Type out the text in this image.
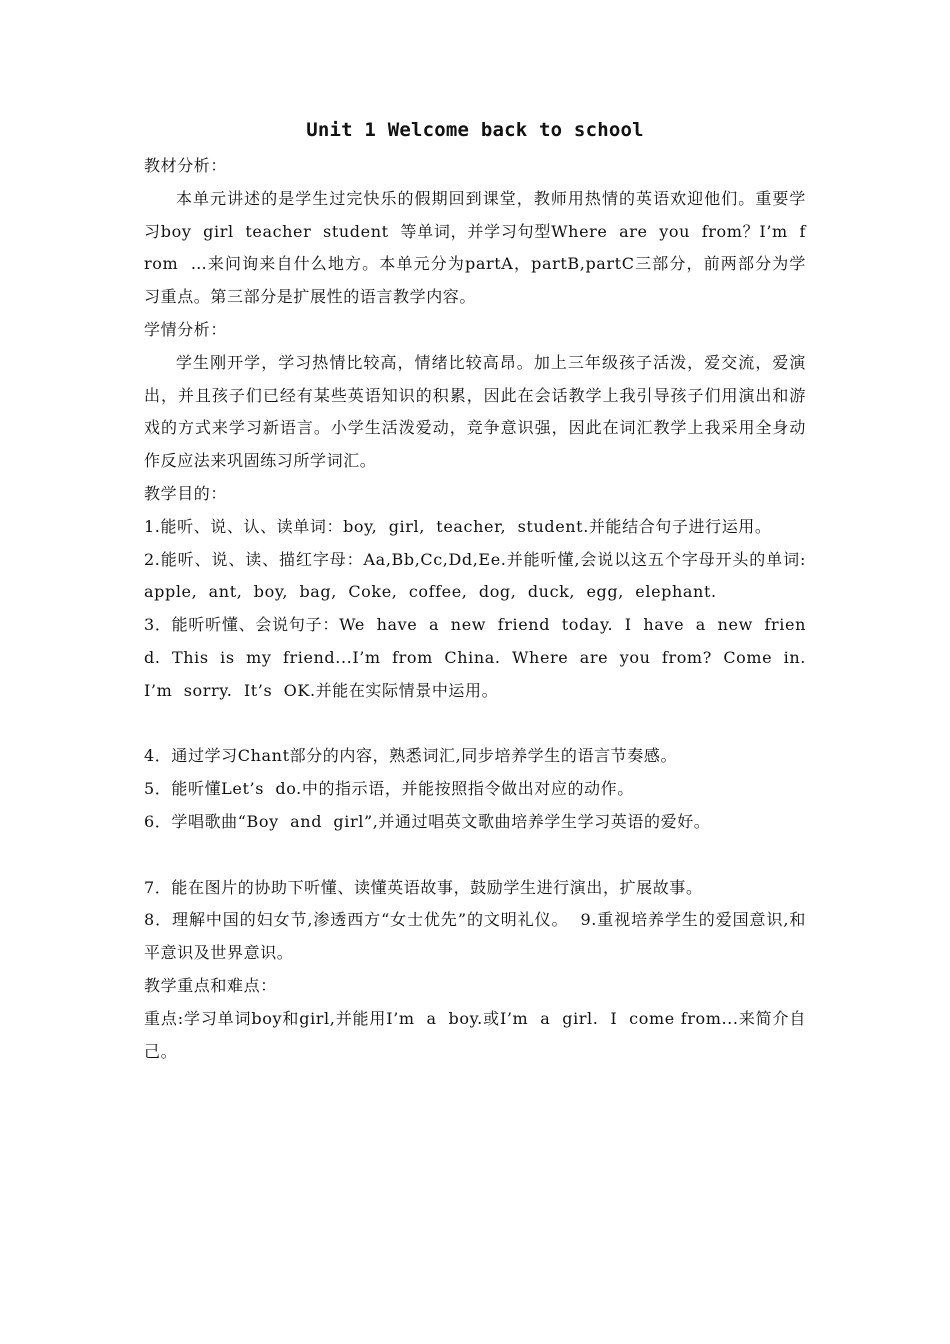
Unit 1 Welcome back to school
教材分析：
本单元讲述的是学生过完快乐的假期回到课堂，教师用热情的英语欢迎他们。重要学习boy  girl  teacher  student  等单词，并学习句型Where  are  you  from？I’m  from  …来问询来自什么地方。本单元分为partA，partB,partC三部分，前两部分为学习重点。第三部分是扩展性的语言教学内容。
学情分析：
学生刚开学，学习热情比较高，情绪比较高昂。加上三年级孩子活泼，爱交流，爱演出，并且孩子们已经有某些英语知识的积累，因此在会话教学上我引导孩子们用演出和游戏的方式来学习新语言。小学生活泼爱动，竞争意识强，因此在词汇教学上我采用全身动作反应法来巩固练习所学词汇。
教学目的：
1.能听、说、认、读单词：boy,  girl,  teacher,  student.并能结合句子进行运用。
2.能听、说、读、描红字母：Aa,Bb,Cc,Dd,Ee.并能听懂,会说以这五个字母开头的单词:apple,  ant,  boy,  bag,  Coke,  coffee,  dog,  duck,  egg,  elephant.
3．能听听懂、会说句子：We  have  a  new  friend  today.  I  have  a  new  friend.  This  is  my  friend...I’m  from  China.  Where  are  you  from?  Come  in.  I’m  sorry.  It’s  OK.并能在实际情景中运用。
4．通过学习Chant部分的内容，熟悉词汇,同步培养学生的语言节奏感。
5．能听懂Let’s  do.中的指示语，并能按照指令做出对应的动作。
6．学唱歌曲“Boy  and  girl”,并通过唱英文歌曲培养学生学习英语的爱好。
7．能在图片的协助下听懂、读懂英语故事，鼓励学生进行演出，扩展故事。
8．理解中国的妇女节,渗透西方“女士优先”的文明礼仪。  9.重视培养学生的爱国意识,和平意识及世界意识。
教学重点和难点：
重点:学习单词boy和girl,并能用I’m  a  boy.或I’m  a  girl.  I  come from...来简介自己。
